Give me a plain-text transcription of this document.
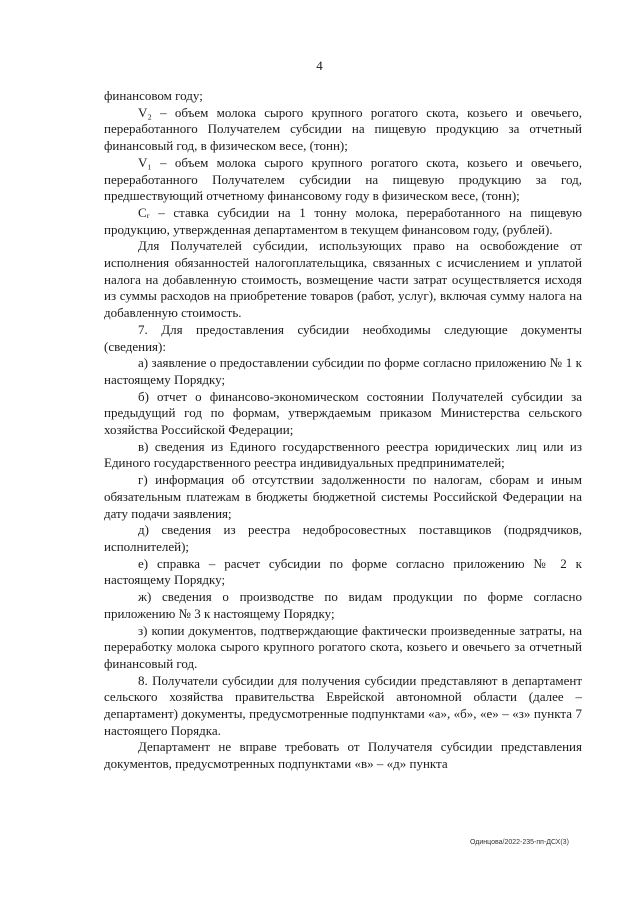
4

финансовом году;

V₂ – объем молока сырого крупного рогатого скота, козьего и овечьего, переработанного Получателем субсидии на пищевую продукцию за отчетный финансовый год, в физическом весе, (тонн);

V₁ – объем молока сырого крупного рогатого скота, козьего и овечьего, переработанного Получателем субсидии на пищевую продукцию за год, предшествующий отчетному финансовому году в физическом весе, (тонн);

Сᵣ – ставка субсидии на 1 тонну молока, переработанного на пищевую продукцию, утвержденная департаментом в текущем финансовом году, (рублей).

Для Получателей субсидии, использующих право на освобождение от исполнения обязанностей налогоплательщика, связанных с исчислением и уплатой налога на добавленную стоимость, возмещение части затрат осуществляется исходя из суммы расходов на приобретение товаров (работ, услуг), включая сумму налога на добавленную стоимость.

7. Для предоставления субсидии необходимы следующие документы (сведения):

а) заявление о предоставлении субсидии по форме согласно приложению № 1 к настоящему Порядку;

б) отчет о финансово-экономическом состоянии Получателей субсидии за предыдущий год по формам, утверждаемым приказом Министерства сельского хозяйства Российской Федерации;

в) сведения из Единого государственного реестра юридических лиц или из Единого государственного реестра индивидуальных предпринимателей;

г) информация об отсутствии задолженности по налогам, сборам и иным обязательным платежам в бюджеты бюджетной системы Российской Федерации на дату подачи заявления;

д) сведения из реестра недобросовестных поставщиков (подрядчиков, исполнителей);

е) справка – расчет субсидии по форме согласно приложению № 2 к настоящему Порядку;

ж) сведения о производстве по видам продукции по форме согласно приложению № 3 к настоящему Порядку;

з) копии документов, подтверждающие фактически произведенные затраты, на переработку молока сырого крупного рогатого скота, козьего и овечьего за отчетный финансовый год.

8. Получатели субсидии для получения субсидии представляют в департамент сельского хозяйства правительства Еврейской автономной области (далее – департамент) документы, предусмотренные подпунктами «а», «б», «е» – «з» пункта 7 настоящего Порядка.

Департамент не вправе требовать от Получателя субсидии представления документов, предусмотренных подпунктами «в» – «д» пункта

Одинцова/2022-235-пп-ДСХ(3)
